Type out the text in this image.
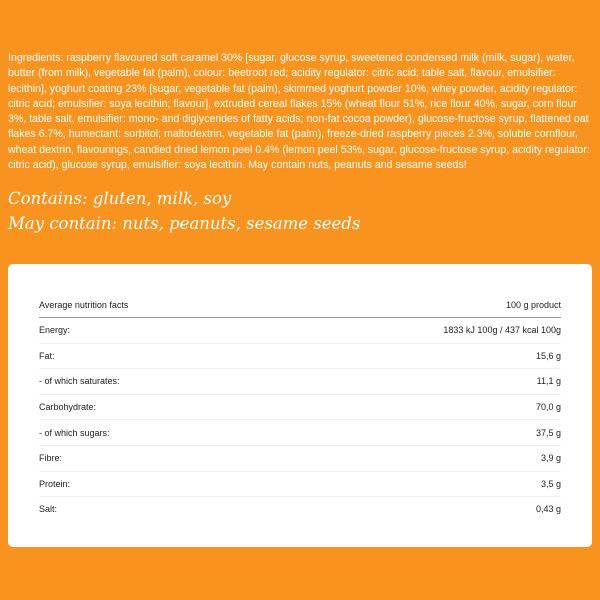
Ingredients: raspberry flavoured soft caramel 30% [sugar, glucose syrup, sweetened condensed milk (milk, sugar), water, butter (from milk), vegetable fat (palm), colour: beetroot red; acidity regulator: citric acid; table salt, flavour, emulsifier: lecithin], yoghurt coating 23% [sugar, vegetable fat (palm), skimmed yoghurt powder 10%, whey powder, acidity regulator: citric acid; emulsifier: soya lecithin; flavour], extruded cereal flakes 15% (wheat flour 51%, rice flour 40%, sugar, corn flour 3%, table salt, emulsifier: mono- and diglycerides of fatty acids; non-fat cocoa powder), glucose-fructose syrup, flattened oat flakes 6.7%, humectant: sorbitol; maltodextrin, vegetable fat (palm), freeze-dried raspberry pieces 2.3%, soluble cornflour, wheat dextrin, flavourings, candied dried lemon peel 0.4% (lemon peel 53%, sugar, glucose-fructose syrup, acidity regulator: citric acid), glucose syrup, emulsifier: soya lecithin. May contain nuts, peanuts and sesame seeds!

Contains: gluten, milk, soy
May contain: nuts, peanuts, sesame seeds
Average nutrition facts	100 g product
Energy:	1833 kJ 100g / 437 kcal 100g
Fat:	15,6 g
- of which saturates:	11,1 g
Carbohydrate:	70,0 g
- of which sugars:	37,5 g
Fibre:	3,9 g
Protein:	3,5 g
Salt:	0,43 g
